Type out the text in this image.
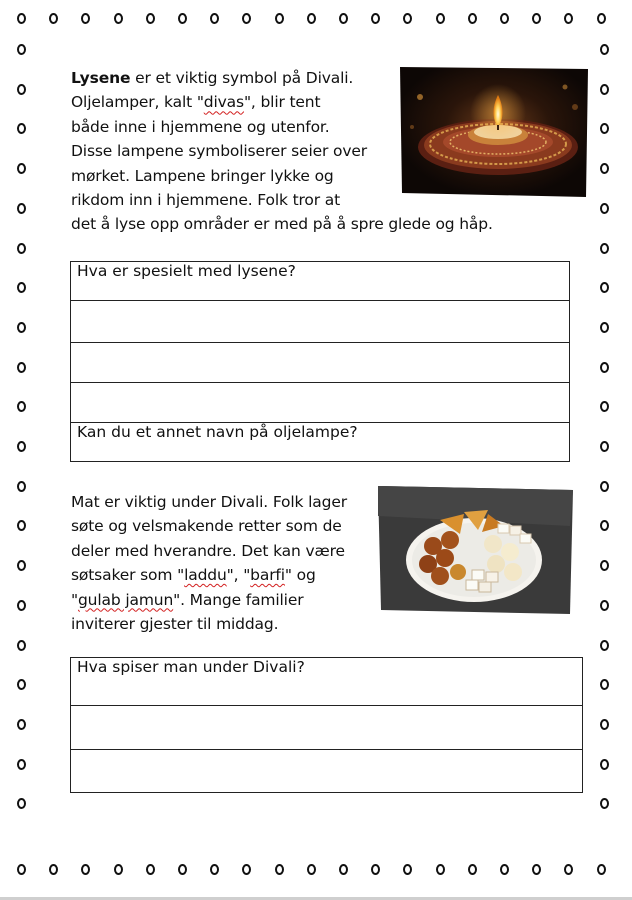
Lysene er et viktig symbol på Divali.
Oljelamper, kalt "divas", blir tent
både inne i hjemmene og utenfor.
Disse lampene symboliserer seier over
mørket. Lampene bringer lykke og
rikdom inn i hjemmene. Folk tror at
det å lyse opp områder er med på å spre glede og håp.
Hva er spesielt med lysene?

Kan du et annet navn på oljelampe?
Mat er viktig under Divali. Folk lager
søte og velsmakende retter som de
deler med hverandre. Det kan være
søtsaker som "laddu", "barfi" og
"gulab jamun". Mange familier
inviterer gjester til middag.
Hva spiser man under Divali?
